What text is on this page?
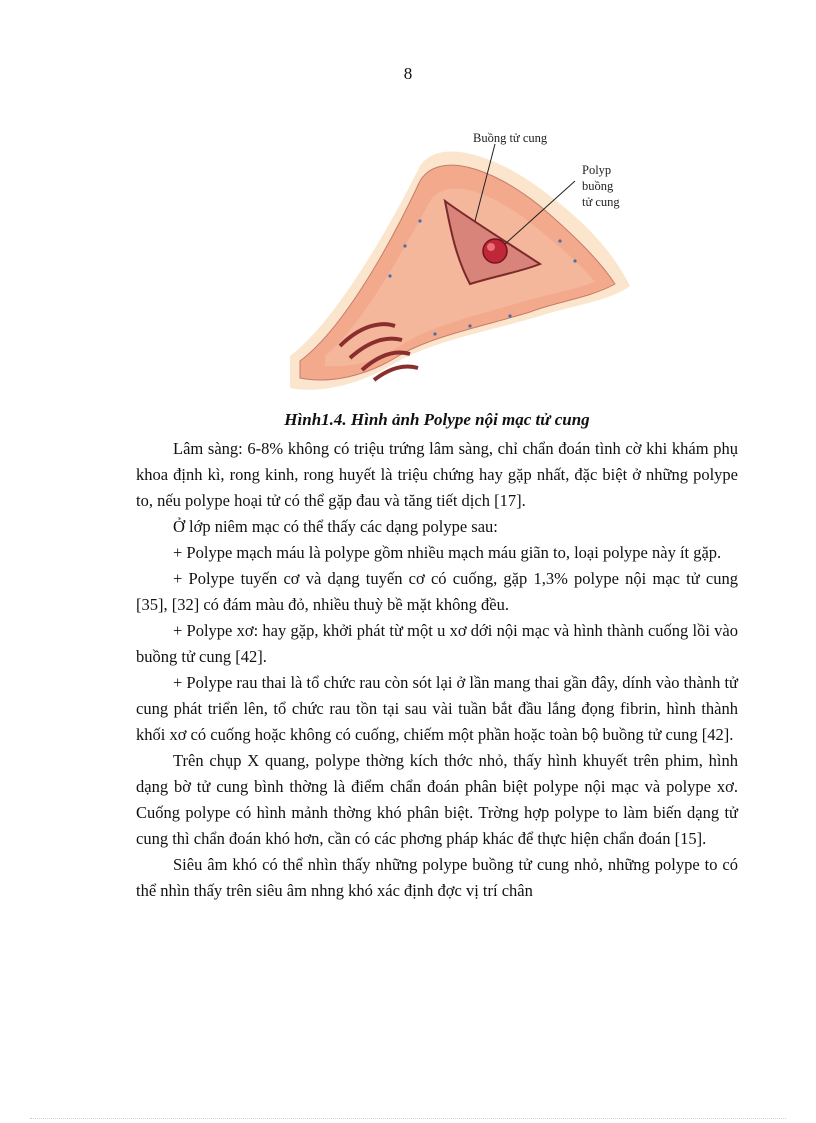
8
Buồng tử cung
Polyp
buồng
tử cung
Hình1.4. Hình ảnh Polype nội mạc tử cung

Lâm sàng: 6-8% không có triệu trứng lâm sàng, chỉ chẩn đoán tình cờ khi khám phụ khoa định kì, rong kinh, rong huyết là triệu chứng hay gặp nhất, đặc biệt ở những polype to, nếu polype hoại tử có thể gặp đau và tăng tiết dịch [17].

Ở lớp niêm mạc có thể thấy các dạng polype sau:

+ Polype mạch máu là polype gồm nhiều mạch máu giãn to, loại polype này ít gặp.

+ Polype tuyến cơ và dạng tuyến cơ có cuống, gặp 1,3% polype nội mạc tử cung [35], [32] có đám màu đỏ, nhiều thuỳ bề mặt không đều.

+ Polype xơ: hay gặp, khởi phát từ một u xơ dới nội mạc và hình thành cuống lồi vào buồng tử cung [42].

+ Polype rau thai là tổ chức rau còn sót lại ở lần mang thai gần đây, dính vào thành tử cung phát triển lên, tổ chức rau tồn tại sau vài tuần bắt đầu lắng đọng fibrin, hình thành khối xơ có cuống hoặc không có cuống, chiếm một phần hoặc toàn bộ buồng tử cung [42].

Trên chụp X quang, polype thờng kích thớc nhỏ, thấy hình khuyết trên phim, hình dạng bờ tử cung bình thờng là điểm chẩn đoán phân biệt polype nội mạc và polype xơ. Cuống polype có hình mảnh thờng khó phân biệt. Trờng hợp polype to làm biến dạng tử cung thì chẩn đoán khó hơn, cần có các phơng pháp khác để thực hiện chẩn đoán [15].

Siêu âm khó có thể nhìn thấy những polype buồng tử cung nhỏ, những polype to có thể nhìn thấy trên siêu âm nhng khó xác định đợc vị trí chân
